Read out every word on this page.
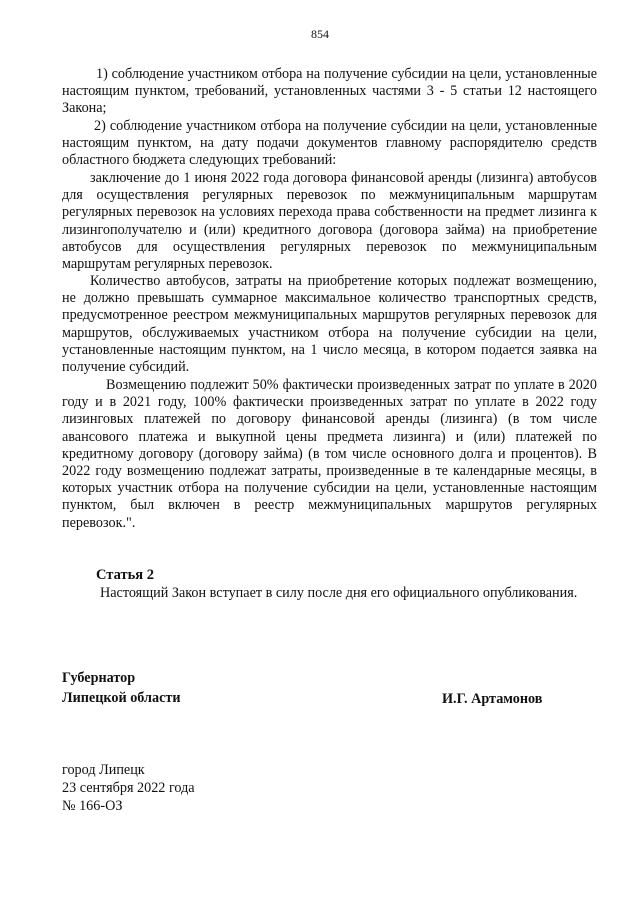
854

1) соблюдение участником отбора на получение субсидии на цели, установленные настоящим пунктом, требований, установленных частями 3 - 5 статьи 12 настоящего Закона;

2) соблюдение участником отбора на получение субсидии на цели, установленные настоящим пунктом, на дату подачи документов главному распорядителю средств областного бюджета следующих требований:

заключение до 1 июня 2022 года договора финансовой аренды (лизинга) автобусов для осуществления регулярных перевозок по межмуниципальным маршрутам регулярных перевозок на условиях перехода права собственности на предмет лизинга к лизингополучателю и (или) кредитного договора (договора займа) на приобретение автобусов для осуществления регулярных перевозок по межмуниципальным маршрутам регулярных перевозок.

Количество автобусов, затраты на приобретение которых подлежат возмещению, не должно превышать суммарное максимальное количество транспортных средств, предусмотренное реестром межмуниципальных маршрутов регулярных перевозок для маршрутов, обслуживаемых участником отбора на получение субсидии на цели, установленные настоящим пунктом, на 1 число месяца, в котором подается заявка на получение субсидий.

Возмещению подлежит 50% фактически произведенных затрат по уплате в 2020 году и в 2021 году, 100% фактически произведенных затрат по уплате в 2022 году лизинговых платежей по договору финансовой аренды (лизинга) (в том числе авансового платежа и выкупной цены предмета лизинга) и (или) платежей по кредитному договору (договору займа) (в том числе основного долга и процентов). В 2022 году возмещению подлежат затраты, произведенные в те календарные месяцы, в которых участник отбора на получение субсидии на цели, установленные настоящим пунктом, был включен в реестр межмуниципальных маршрутов регулярных перевозок.".

Статья 2

Настоящий Закон вступает в силу после дня его официального опубликования.

Губернатор
Липецкой области	И.Г. Артамонов
город Липецк
23 сентября 2022 года
№ 166-ОЗ
